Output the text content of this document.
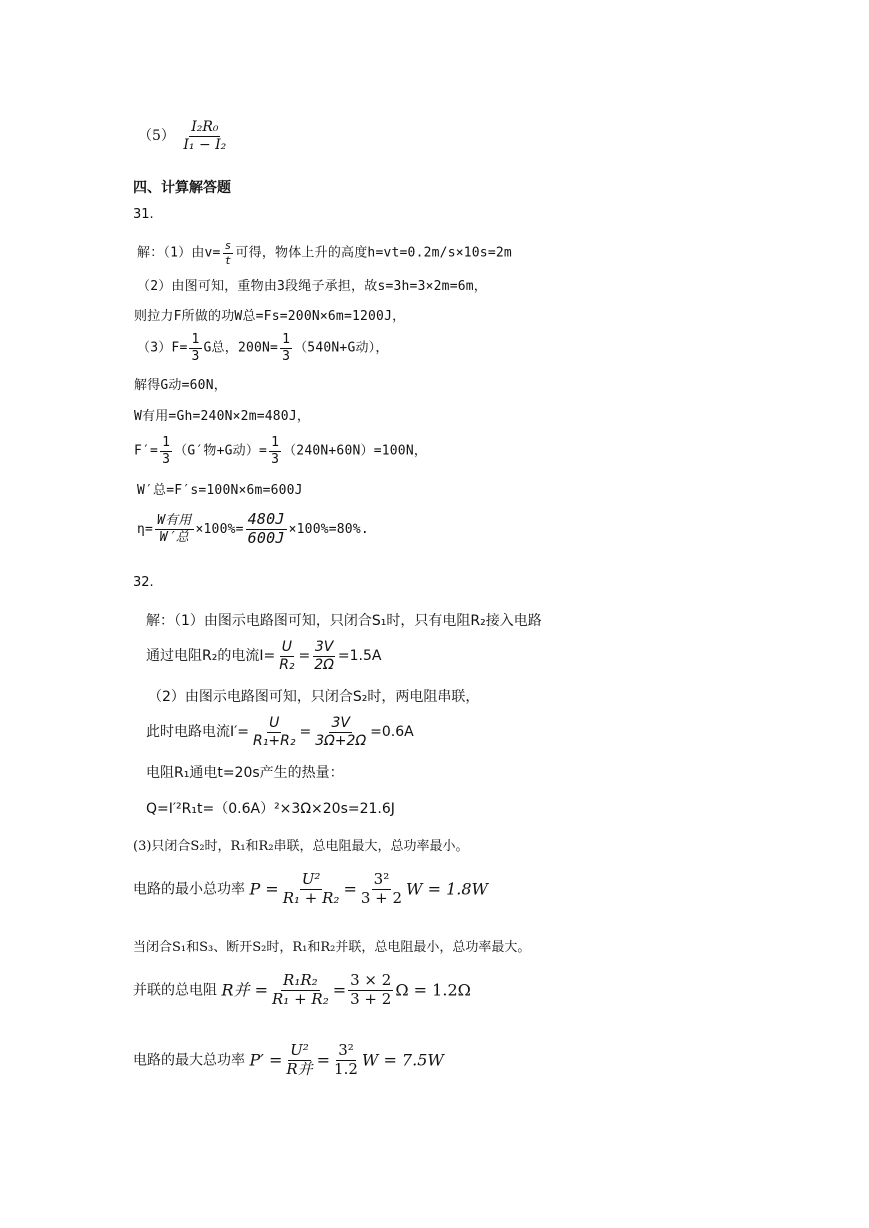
$(5) \frac{\text{I₂R₀}}{\text{I₁ − I₂}}$
四、计算解答题
31.
解：（1）由$v= \frac{s}{t}$ 可得，物体上升的高度h=vt=0.2m/s×10s=2m
（2）由图可知，重物由3段绳子承担，故s=3h=3×2m=6m，
则拉力F所做的功W总=Fs=200N×6m=1200J，
$(3)F= \frac{1}{3}$ G总，$200N= \frac{1}{3} (540N+G$动），
解得G动=60N，
W有用=Gh=240N×2m=480J，
$F'= \frac{1}{3} (G'$物+G动）= $\frac{1}{3} (240N+60N)=100N$，
W′总=F′s=100N×6m=600J
$\eta= \frac{\text{W有用}}{\text{W′总}} \times 100\%= \frac{480J}{600J} \times 100\%=80\%$.
32.
解：（1）由图示电路图可知，只闭合S₁时，只有电阻R₂接入电路
通过电阻R₂的电流$I= \frac{U}{\text{R₂}} = \frac{3V}{2\Omega} =1.5A$
（2）由图示电路图可知，只闭合S₂时，两电阻串联，
此时电路电流$I'= \frac{U}{\text{R₁+R₂}} = \frac{3V}{3\Omega+2\Omega} =0.6A$
电阻R₁通电t=20s产生的热量：
Q=I′²R₁t=（0.6A）²×3Ω×20s=21.6J
(3)只闭合S₂时，R₁和R₂串联，总电阻最大，总功率最小。
电路的最小总功率 $P = \frac{\text{U²}}{\text{R₁ + R₂}} = \frac{\text{3²}}{3 + 2}$ W = 1.8W
当闭合S₁和S₃、断开S₂时，R₁和R₂并联，总电阻最小，总功率最大。
并联的总电阻 R并 = $\frac{\text{R₁R₂}}{\text{R₁ + R₂}} = \frac{3 \times 2}{3 + 2}$ Ω = 1.2Ω
电路的最大总功率 $P' = \frac{\text{U²}}{\text{R并}} = \frac{\text{3²}}{1.2}$ W = 7.5W
